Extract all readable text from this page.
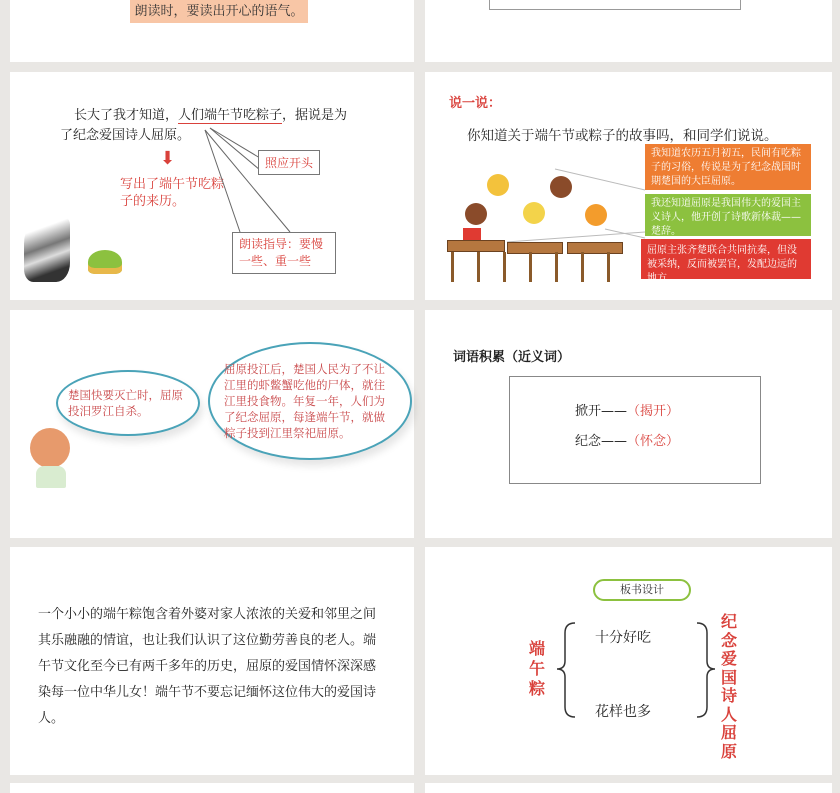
朗读时，要读出开心的语气。
长大了我才知道，人们端午节吃粽子，据说是为
了纪念爱国诗人屈原。
⬇
写出了端午节吃粽子的来历。
照应开头
朗读指导：要慢一些、重一些
说一说：
你知道关于端午节或粽子的故事吗，和同学们说说。
我知道农历五月初五，民间有吃粽子的习俗，传说是为了纪念战国时期楚国的大臣屈原。
我还知道屈原是我国伟大的爱国主义诗人，他开创了诗歌新体裁——楚辞。
屈原主张齐楚联合共同抗秦，但没被采纳，反而被罢官，发配边远的地方。
楚国快要灭亡时，屈原投汨罗江自杀。
屈原投江后，楚国人民为了不让江里的虾鳖蟹吃他的尸体，就往江里投食物。年复一年，人们为了纪念屈原，每逢端午节，就做粽子投到江里祭祀屈原。
词语积累（近义词）
掀开——（揭开）
纪念——（怀念）
一个小小的端午粽饱含着外婆对家人浓浓的关爱和邻里之间其乐融融的情谊，也让我们认识了这位勤劳善良的老人。端午节文化至今已有两千多年的历史，屈原的爱国情怀深深感染每一位中华儿女！端午节不要忘记缅怀这位伟大的爱国诗人。
板书设计
端午粽
十分好吃
花样也多
纪念爱国诗人屈原
